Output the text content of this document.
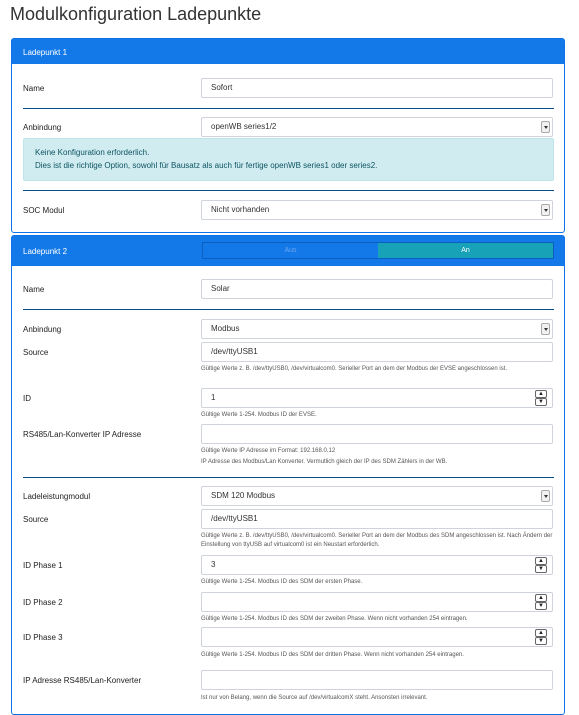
Modulkonfiguration Ladepunkte
Ladepunkt 1
Name	Sofort
Anbindung	openWB series1/2
Keine Konfiguration erforderlich.
Dies ist die richtige Option, sowohl für Bausatz als auch für fertige openWB series1 oder series2.
SOC Modul	Nicht vorhanden
Ladepunkt 2	Aus	An
Name	Solar
Anbindung	Modbus
Source	/dev/ttyUSB1
Gültige Werte z. B. /dev/ttyUSB0, /dev/virtualcom0. Serieller Port an dem der Modbus der EVSE angeschlossen ist.
ID	1	▲
▼
Gültige Werte 1-254. Modbus ID der EVSE.
RS485/Lan-Konverter IP Adresse
Gültige Werte IP Adresse im Format: 192.168.0.12
IP Adresse des Modbus/Lan Konverter. Vermutlich gleich der IP des SDM Zählers in der WB.
Ladeleistungmodul	SDM 120 Modbus
Source	/dev/ttyUSB1
Gültige Werte z. B. /dev/ttyUSB0, /dev/virtualcom0. Serieller Port an dem der Modbus des SDM angeschlossen ist. Nach Ändern der Einstellung von ttyUSB auf virtualcom0 ist ein Neustart erforderlich.
ID Phase 1	3	▲
▼
Gültige Werte 1-254. Modbus ID des SDM der ersten Phase.
ID Phase 2	▲
▼
Gültige Werte 1-254. Modbus ID des SDM der zweiten Phase. Wenn nicht vorhanden 254 eintragen.
ID Phase 3	▲
▼
Gültige Werte 1-254. Modbus ID des SDM der dritten Phase. Wenn nicht vorhanden 254 eintragen.
IP Adresse RS485/Lan-Konverter
Ist nur von Belang, wenn die Source auf /dev/virtualcomX steht. Ansonsten irrelevant.
